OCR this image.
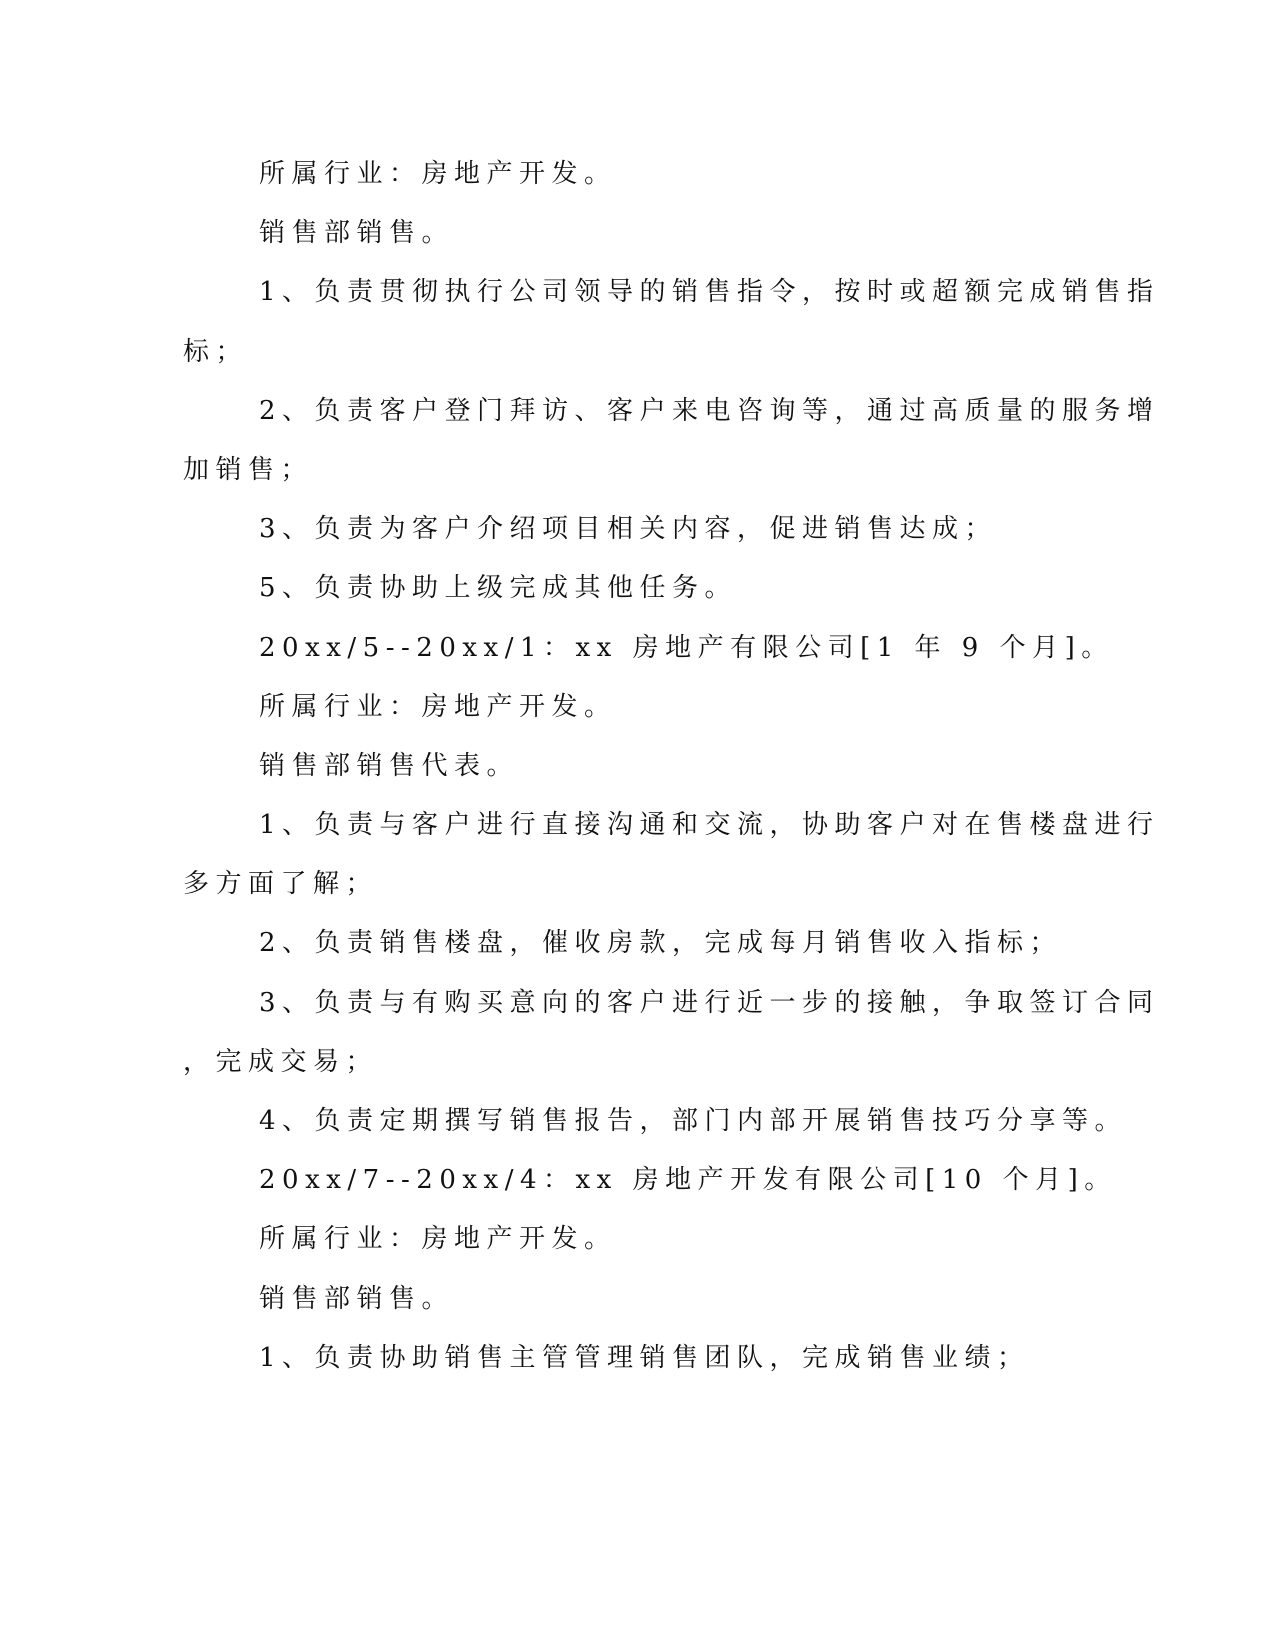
所属行业：房地产开发。
销售部销售。
1、负责贯彻执行公司领导的销售指令，按时或超额完成销售指
标；
2、负责客户登门拜访、客户来电咨询等，通过高质量的服务增
加销售；
3、负责为客户介绍项目相关内容，促进销售达成；
5、负责协助上级完成其他任务。
20xx/5--20xx/1：xx 房地产有限公司[1 年 9 个月]。
所属行业：房地产开发。
销售部销售代表。
1、负责与客户进行直接沟通和交流，协助客户对在售楼盘进行
多方面了解；
2、负责销售楼盘，催收房款，完成每月销售收入指标；
3、负责与有购买意向的客户进行近一步的接触，争取签订合同
，完成交易；
4、负责定期撰写销售报告，部门内部开展销售技巧分享等。
20xx/7--20xx/4：xx 房地产开发有限公司[10 个月]。
所属行业：房地产开发。
销售部销售。
1、负责协助销售主管管理销售团队，完成销售业绩；
